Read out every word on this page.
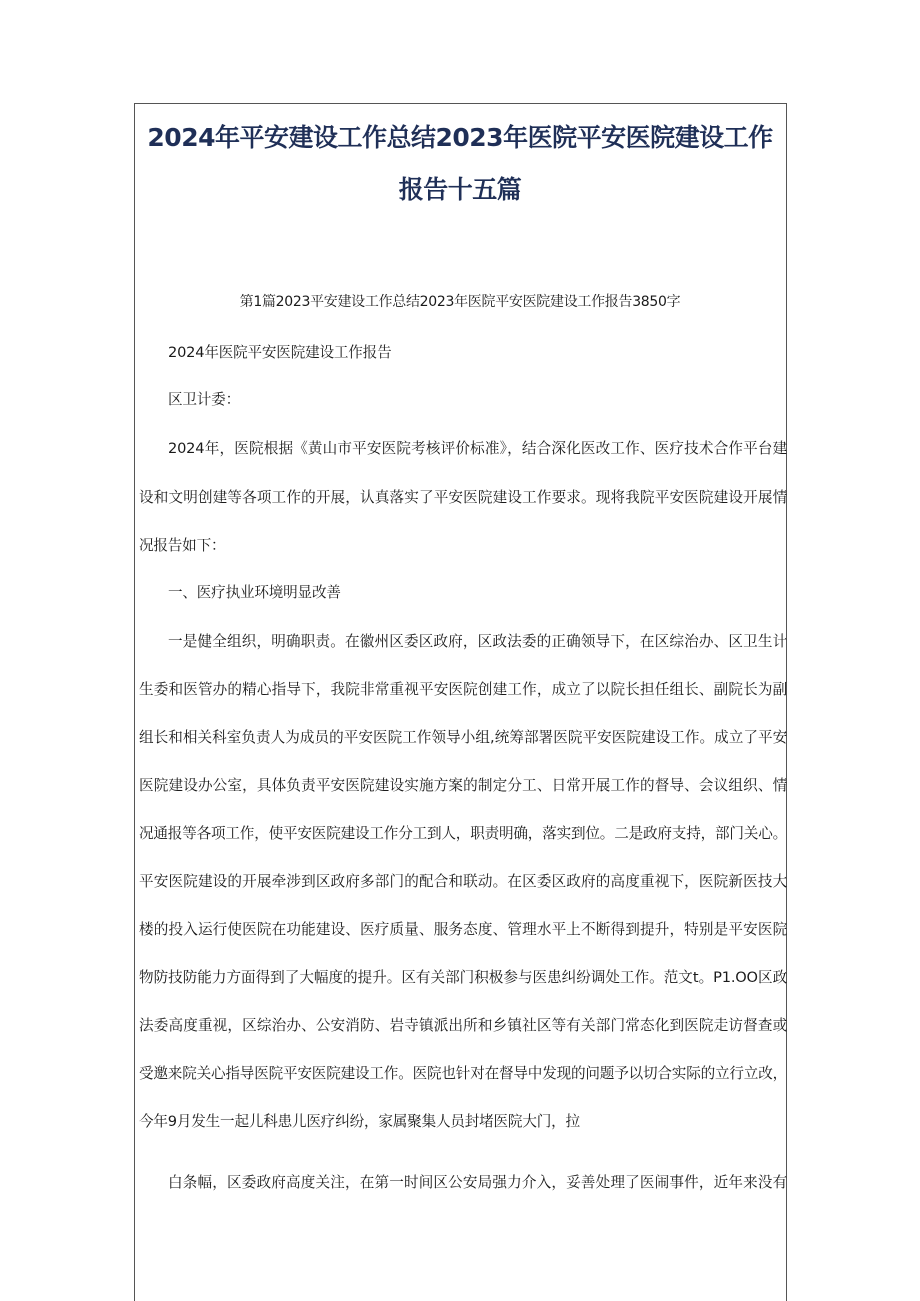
2024年平安建设工作总结2023年医院平安医院建设工作
报告十五篇
第1篇2023平安建设工作总结2023年医院平安医院建设工作报告3850字
2024年医院平安医院建设工作报告
区卫计委：
2024年，医院根据《黄山市平安医院考核评价标准》，结合深化医改工作、医疗技术合作平台建
设和文明创建等各项工作的开展，认真落实了平安医院建设工作要求。现将我院平安医院建设开展情
况报告如下：
一、医疗执业环境明显改善
一是健全组织，明确职责。在徽州区委区政府，区政法委的正确领导下，在区综治办、区卫生计
生委和医管办的精心指导下，我院非常重视平安医院创建工作，成立了以院长担任组长、副院长为副
组长和相关科室负责人为成员的平安医院工作领导小组,统筹部署医院平安医院建设工作。成立了平安
医院建设办公室，具体负责平安医院建设实施方案的制定分工、日常开展工作的督导、会议组织、情
况通报等各项工作，使平安医院建设工作分工到人，职责明确，落实到位。二是政府支持，部门关心。
平安医院建设的开展牵涉到区政府多部门的配合和联动。在区委区政府的高度重视下，医院新医技大
楼的投入运行使医院在功能建设、医疗质量、服务态度、管理水平上不断得到提升，特别是平安医院
物防技防能力方面得到了大幅度的提升。区有关部门积极参与医患纠纷调处工作。范文t。P1.OO区政
法委高度重视，区综治办、公安消防、岩寺镇派出所和乡镇社区等有关部门常态化到医院走访督查或
受邀来院关心指导医院平安医院建设工作。医院也针对在督导中发现的问题予以切合实际的立行立改，
今年9月发生一起儿科患儿医疗纠纷，家属聚集人员封堵医院大门，拉
白条幅，区委政府高度关注，在第一时间区公安局强力介入，妥善处理了医闹事件，近年来没有
